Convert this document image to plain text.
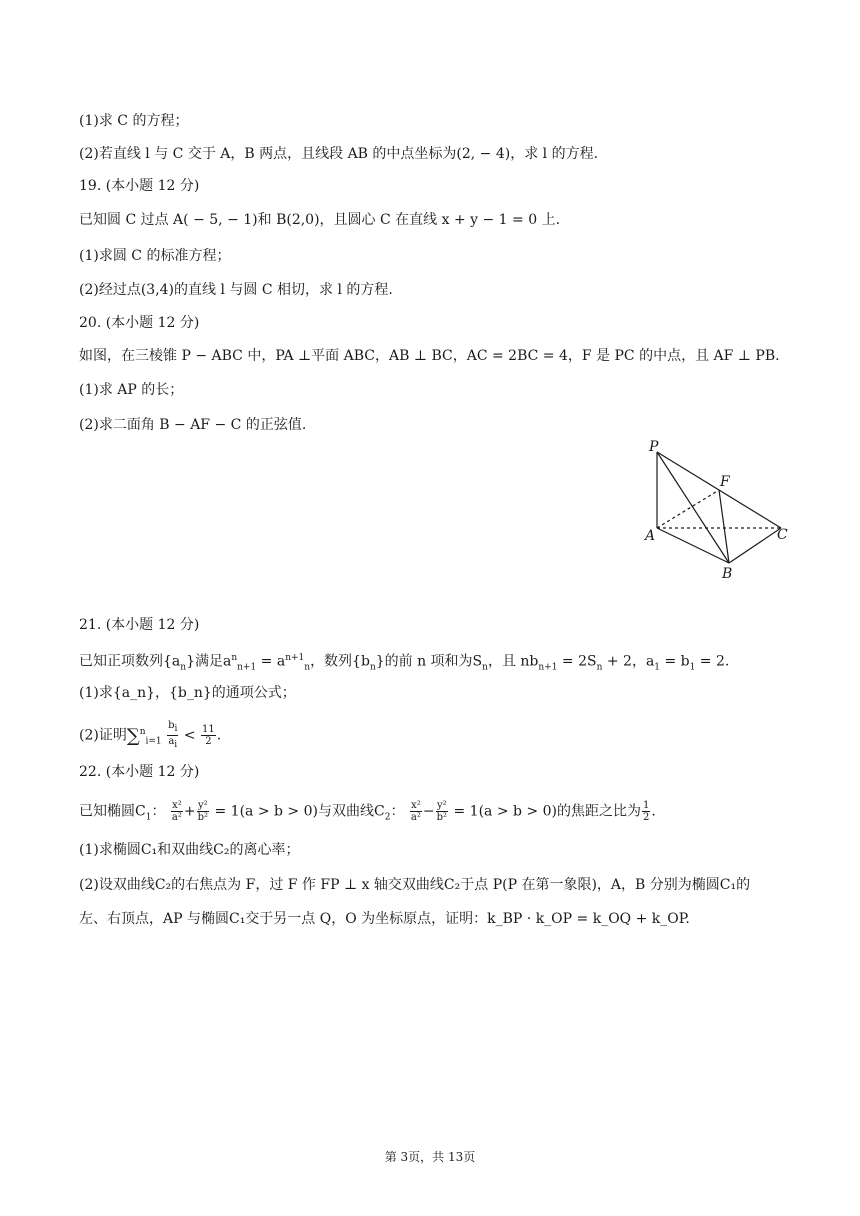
(1)求 C 的方程；
(2)若直线 l 与 C 交于 A，B 两点，且线段 AB 的中点坐标为(2, − 4)，求 l 的方程.
19. (本小题 12 分)
已知圆 C 过点 A( − 5, − 1)和 B(2,0)，且圆心 C 在直线 x + y − 1 = 0 上.
(1)求圆 C 的标准方程；
(2)经过点(3,4)的直线 l 与圆 C 相切，求 l 的方程.
20. (本小题 12 分)
如图，在三棱锥 P − ABC 中，PA ⊥平面 ABC，AB ⊥ BC，AC = 2BC = 4，F 是 PC 的中点，且 AF ⊥ PB.
(1)求 AP 的长；
(2)求二面角 B − AF − C 的正弦值.
P
F
A	C
B
21. (本小题 12 分)
已知正项数列$\{a_n\}$满足$a^n_{n+1} = a^{n+1}_n$，数列$\{b_n\}$的前 n 项和为$S_n$，且 $nb_{n+1} = 2S_n + 2$，$a_1 = b_1 = 2$.
(1)求{a_n}，{b_n}的通项公式；
(2)证明$\sum^n_{i=1} \frac{b_i}{a_i} < \frac{11}{2}$ .
22. (本小题 12 分)
已知椭圆$C_1$： $\frac{\text{x²}}{\text{a²}} + \frac{\text{y²}}{\text{b²}} = 1(a > b > 0)$与双曲线$C_2$： $\frac{\text{x²}}{\text{a²}} - \frac{\text{y²}}{\text{b²}} = 1(a > b > 0)$的焦距之比为 $\frac{1}{2}$ .
(1)求椭圆C₁和双曲线C₂的离心率；
(2)设双曲线C₂的右焦点为 F，过 F 作 FP ⊥ x 轴交双曲线C₂于点 P(P 在第一象限)，A，B 分别为椭圆C₁的
左、右顶点，AP 与椭圆C₁交于另一点 Q，O 为坐标原点，证明：k_BP · k_OP = k_OQ + k_OP.
第 3页，共 13页
